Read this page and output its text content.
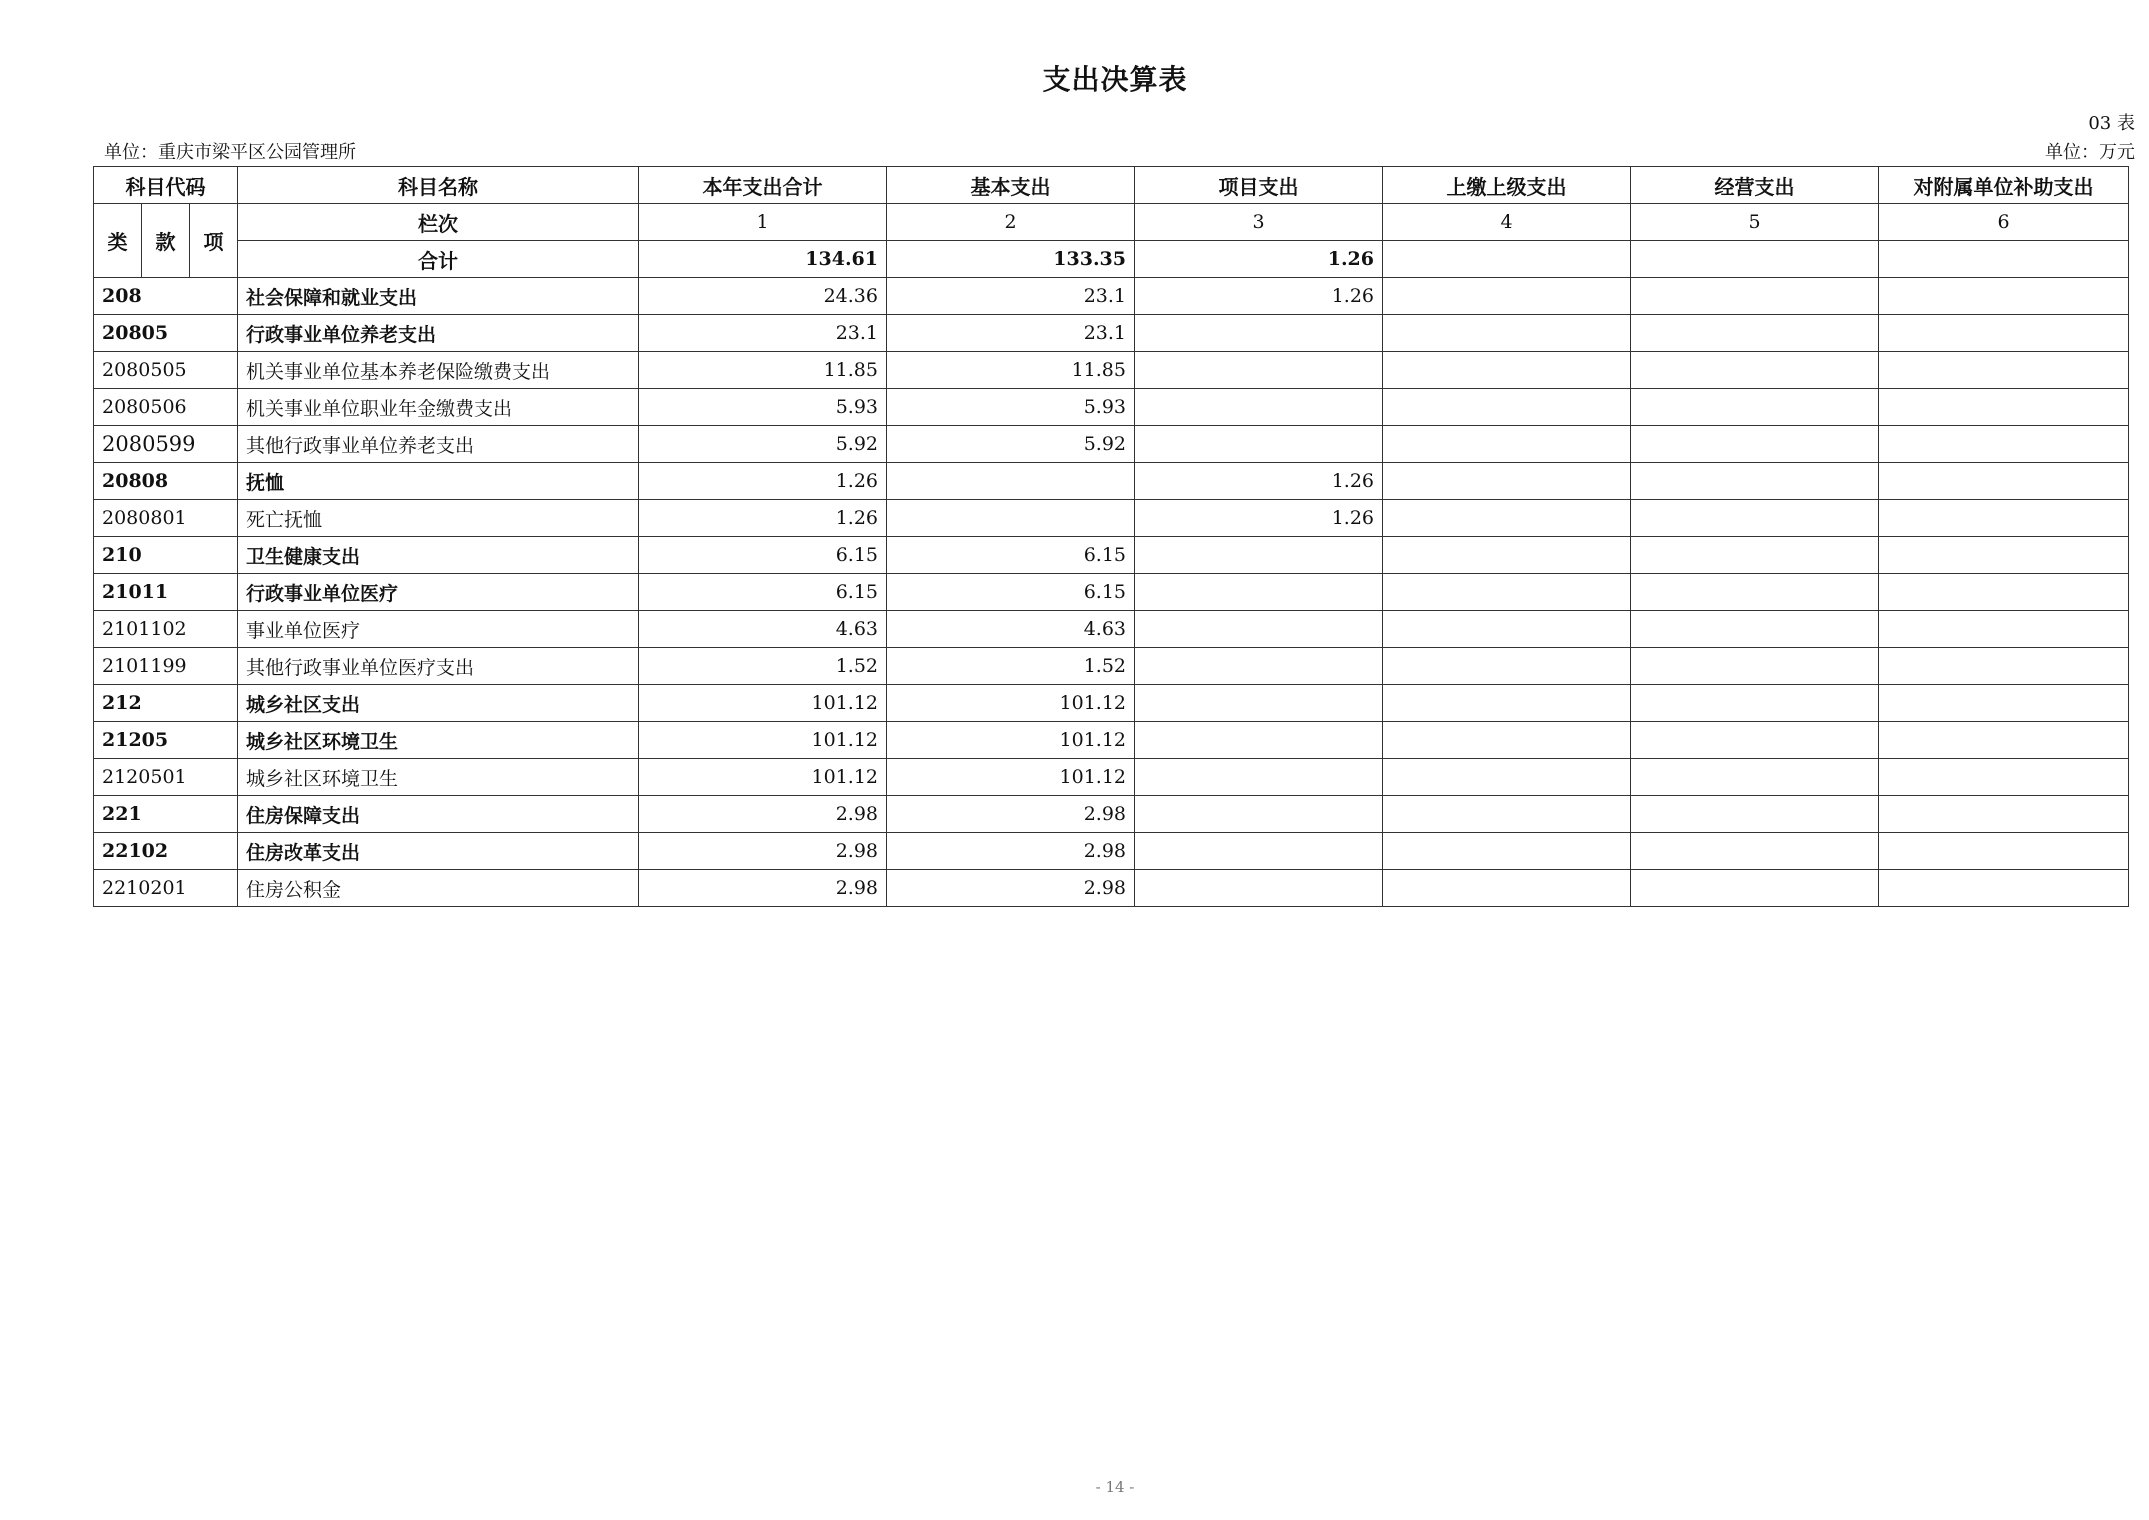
支出决算表
03 表
单位：重庆市梁平区公园管理所	单位：万元
科目代码			科目名称	本年支出合计	基本支出	项目支出	上缴上级支出	经营支出	对附属单位补助支出
类	款	项	栏次	1	2	3	4	5	6
			合计	134.61	133.35	1.26			
208			社会保障和就业支出	24.36	23.1	1.26			
20805			行政事业单位养老支出	23.1	23.1				
2080505			机关事业单位基本养老保险缴费支出	11.85	11.85				
2080506			机关事业单位职业年金缴费支出	5.93	5.93				
2080599			其他行政事业单位养老支出	5.92	5.92				
20808			抚恤	1.26		1.26			
2080801			死亡抚恤	1.26		1.26			
210			卫生健康支出	6.15	6.15				
21011			行政事业单位医疗	6.15	6.15				
2101102			事业单位医疗	4.63	4.63				
2101199			其他行政事业单位医疗支出	1.52	1.52				
212			城乡社区支出	101.12	101.12				
21205			城乡社区环境卫生	101.12	101.12				
2120501			城乡社区环境卫生	101.12	101.12				
221			住房保障支出	2.98	2.98				
22102			住房改革支出	2.98	2.98				
2210201			住房公积金	2.98	2.98				
- 14 -
